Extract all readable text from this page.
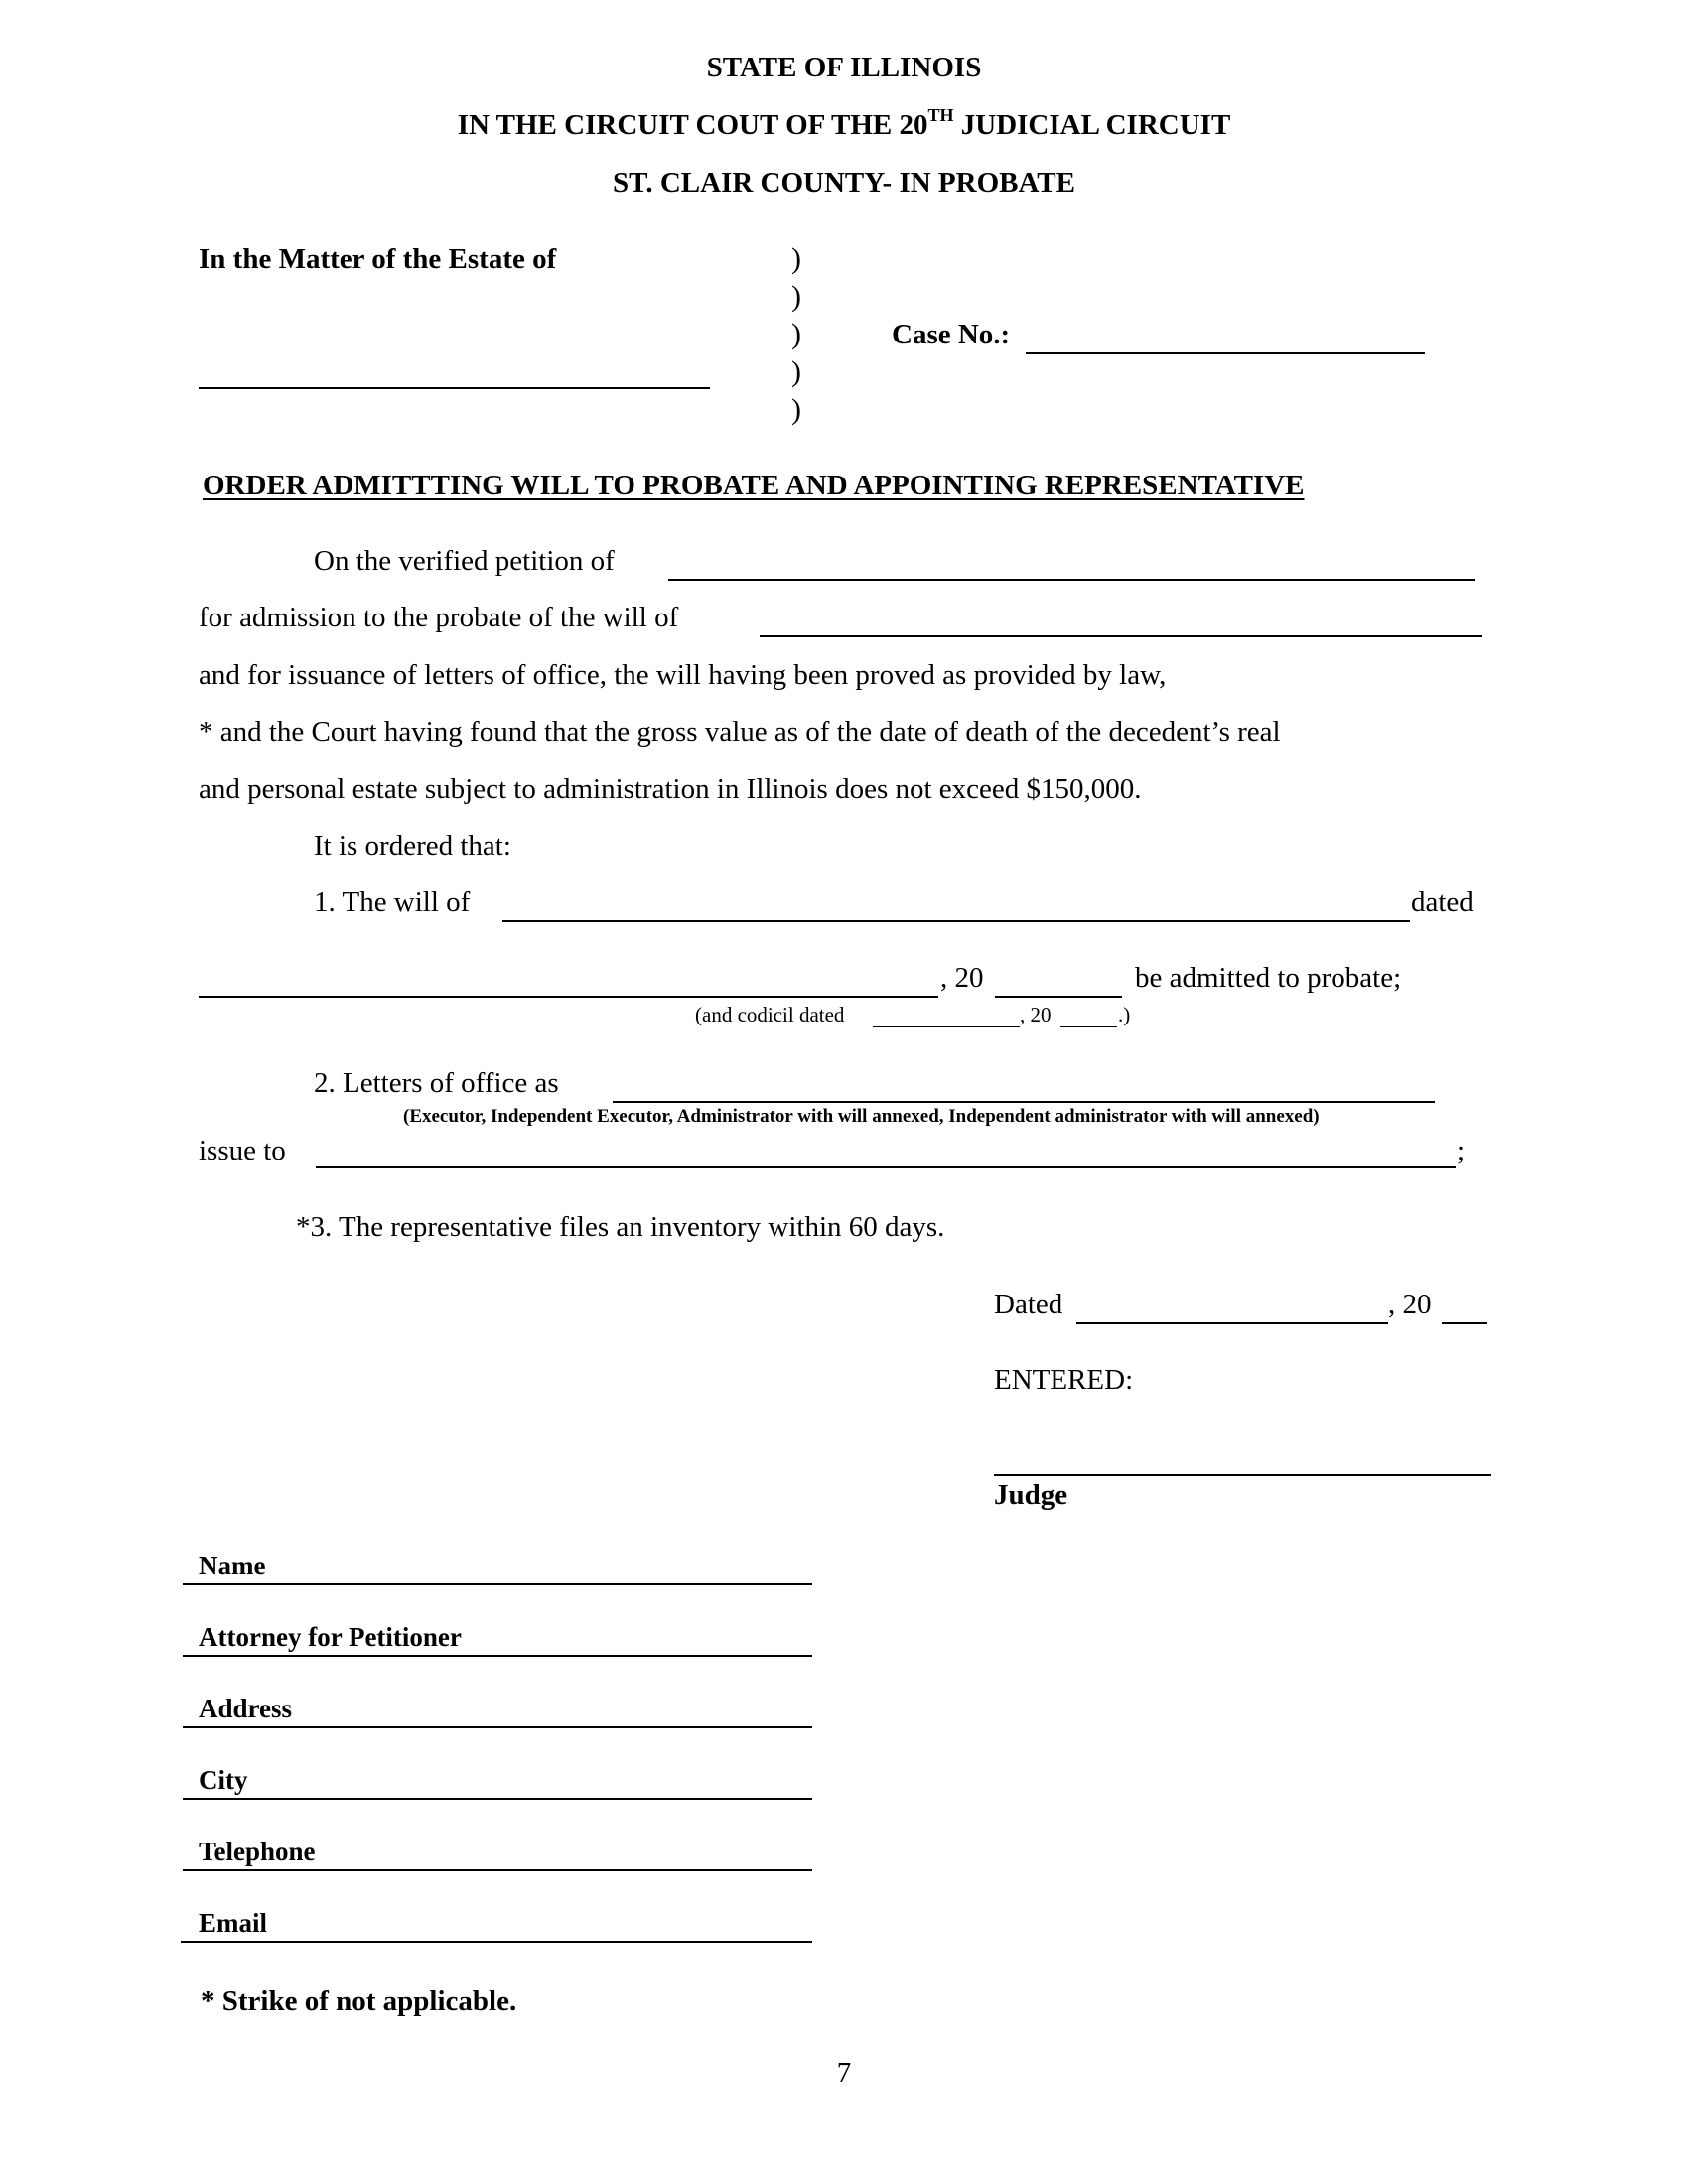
STATE OF ILLINOIS
IN THE CIRCUIT COUT OF THE 20TH JUDICIAL CIRCUIT
ST. CLAIR COUNTY- IN PROBATE
In the Matter of the Estate of	)
)
)
)
)
Case No.:
ORDER ADMITTTING WILL TO PROBATE AND APPOINTING REPRESENTATIVE
On the verified petition of
for admission to the probate of the will of
and for issuance of letters of office, the will having been proved as provided by law,
* and the Court having found that the gross value as of the date of death of the decedent’s real
and personal estate subject to administration in Illinois does not exceed $150,000.
It is ordered that:
1. The will of	dated
, 20	be admitted to probate;
(and codicil dated	, 20	.)
2. Letters of office as
(Executor, Independent Executor, Administrator with will annexed, Independent administrator with will annexed)
issue to	;
*3. The representative files an inventory within 60 days.
Dated	, 20
ENTERED:
Judge
Name
Attorney for Petitioner
Address
City
Telephone
Email
* Strike of not applicable.
7
